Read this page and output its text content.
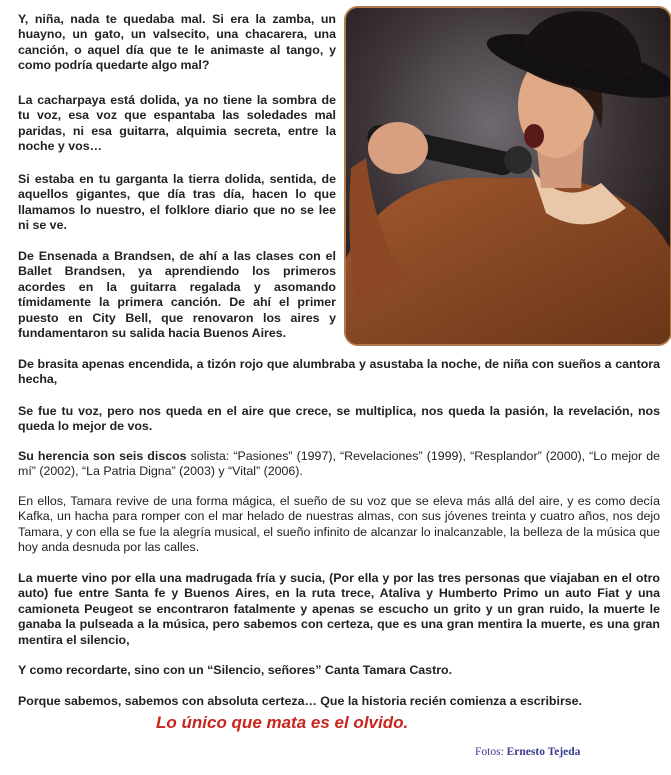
Y, niña, nada te quedaba mal. Si era la zamba, un huayno, un gato, un valsecito, una chacarera, una canción, o aquel día que te le animaste al tango, y como podría quedarte algo mal?

La cacharpaya está dolida, ya no tiene la sombra de tu voz, esa voz que espantaba las soledades mal paridas, ni esa guitarra, alquimia secreta, entre la noche y vos…

Si estaba en tu garganta la tierra dolida, sentida, de aquellos gigantes, que día tras día, hacen lo que llamamos lo nuestro, el folklore diario que no se lee ni se ve.

De Ensenada a Brandsen, de ahí a las clases con el Ballet Brandsen, ya aprendiendo los primeros acordes en la guitarra regalada y asomando tímidamente la primera canción. De ahí el primer puesto en City Bell, que renovaron los aires y fundamentaron su salida hacia Buenos Aires.

De brasita apenas encendida, a tizón rojo que alumbraba y asustaba la noche, de niña con sueños a cantora hecha,

Se fue tu voz, pero nos queda en el aire que crece, se multiplica, nos queda la pasión, la revelación, nos queda lo mejor de vos.

Su herencia son seis discos solista: “Pasiones” (1997), “Revelaciones” (1999), “Resplandor” (2000), “Lo mejor de mí” (2002), “La Patria Digna” (2003) y “Vital” (2006).

En ellos, Tamara revive de una forma mágica, el sueño de su voz que se eleva más allá del aire, y es como decía Kafka, un hacha para romper con el mar helado de nuestras almas, con sus jóvenes treinta y cuatro años, nos dejo Tamara, y con ella se fue la alegría musical, el sueño infinito de alcanzar lo inalcanzable, la belleza de la música que hoy anda desnuda por las calles.

La muerte vino por ella una madrugada fría y sucia, (Por ella y por las tres personas que viajaban en el otro auto) fue entre Santa fe y Buenos Aires, en la ruta trece, Ataliva y Humberto Primo un auto Fiat y una camioneta Peugeot se encontraron fatalmente y apenas se escucho un grito y un gran ruido, la muerte le ganaba la pulseada a la música, pero sabemos con certeza, que es una gran mentira la muerte, es una gran mentira el silencio,

Y como recordarte, sino con un “Silencio, señores” Canta Tamara Castro.

Porque sabemos, sabemos con absoluta certeza… Que la historia recién comienza a escribirse.

Lo único que mata es el olvido.
Fotos: Ernesto Tejeda
